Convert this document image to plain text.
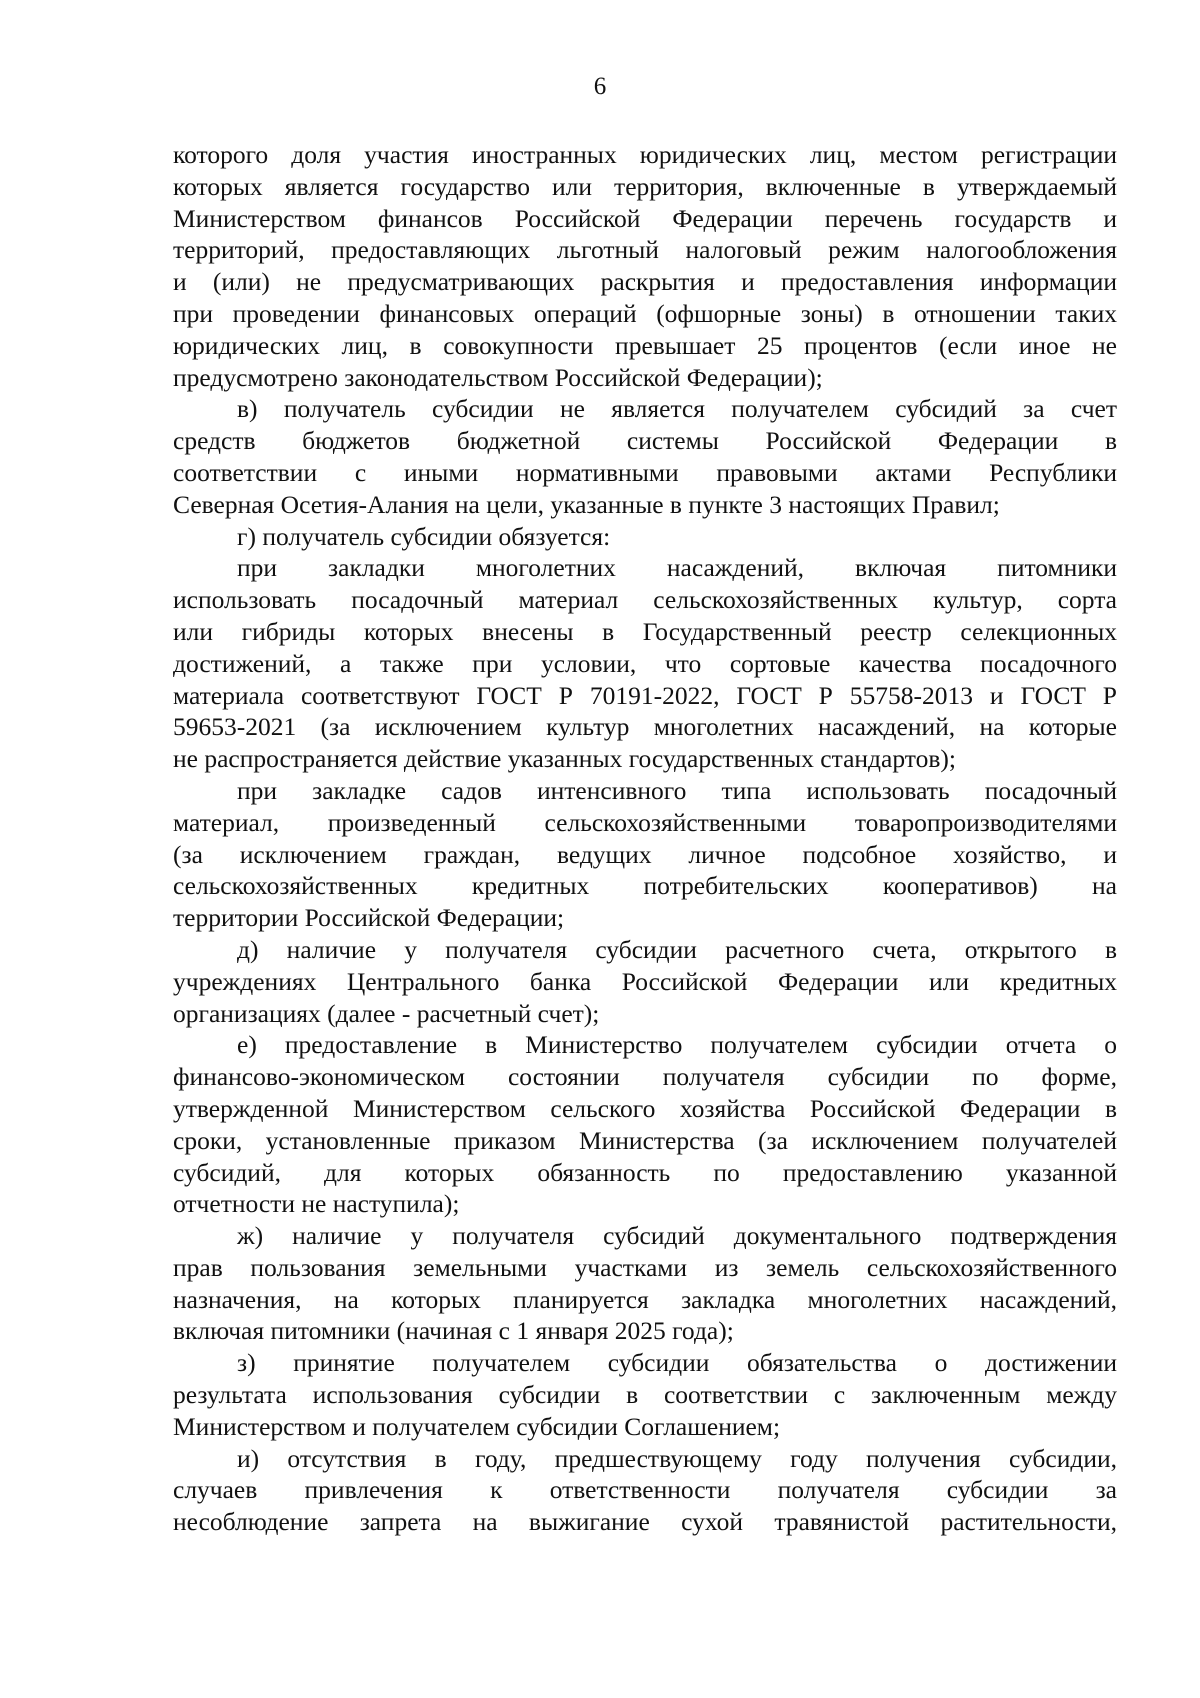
6
которого доля участия иностранных юридических лиц, местом регистрации
которых является государство или территория, включенные в утверждаемый
Министерством финансов Российской Федерации перечень государств и
территорий, предоставляющих льготный налоговый режим налогообложения
и (или) не предусматривающих раскрытия и предоставления информации
при проведении финансовых операций (офшорные зоны) в отношении таких
юридических лиц, в совокупности превышает 25 процентов (если иное не
предусмотрено законодательством Российской Федерации);
в) получатель субсидии не является получателем субсидий за счет
средств бюджетов бюджетной системы Российской Федерации в
соответствии с иными нормативными правовыми актами Республики
Северная Осетия-Алания на цели, указанные в пункте 3 настоящих Правил;
г) получатель субсидии обязуется:
при закладки многолетних насаждений, включая питомники
использовать посадочный материал сельскохозяйственных культур, сорта
или гибриды которых внесены в Государственный реестр селекционных
достижений, а также при условии, что сортовые качества посадочного
материала соответствуют ГОСТ Р 70191-2022, ГОСТ Р 55758-2013 и ГОСТ Р
59653-2021 (за исключением культур многолетних насаждений, на которые
не распространяется действие указанных государственных стандартов);
при закладке садов интенсивного типа использовать посадочный
материал, произведенный сельскохозяйственными товаропроизводителями
(за исключением граждан, ведущих личное подсобное хозяйство, и
сельскохозяйственных кредитных потребительских кооперативов) на
территории Российской Федерации;
д) наличие у получателя субсидии расчетного счета, открытого в
учреждениях Центрального банка Российской Федерации или кредитных
организациях (далее - расчетный счет);
е) предоставление в Министерство получателем субсидии отчета о
финансово-экономическом состоянии получателя субсидии по форме,
утвержденной Министерством сельского хозяйства Российской Федерации в
сроки, установленные приказом Министерства (за исключением получателей
субсидий, для которых обязанность по предоставлению указанной
отчетности не наступила);
ж) наличие у получателя субсидий документального подтверждения
прав пользования земельными участками из земель сельскохозяйственного
назначения, на которых планируется закладка многолетних насаждений,
включая питомники (начиная с 1 января 2025 года);
з) принятие получателем субсидии обязательства о достижении
результата использования субсидии в соответствии с заключенным между
Министерством и получателем субсидии Соглашением;
и) отсутствия в году, предшествующему году получения субсидии,
случаев привлечения к ответственности получателя субсидии за
несоблюдение запрета на выжигание сухой травянистой растительности,
